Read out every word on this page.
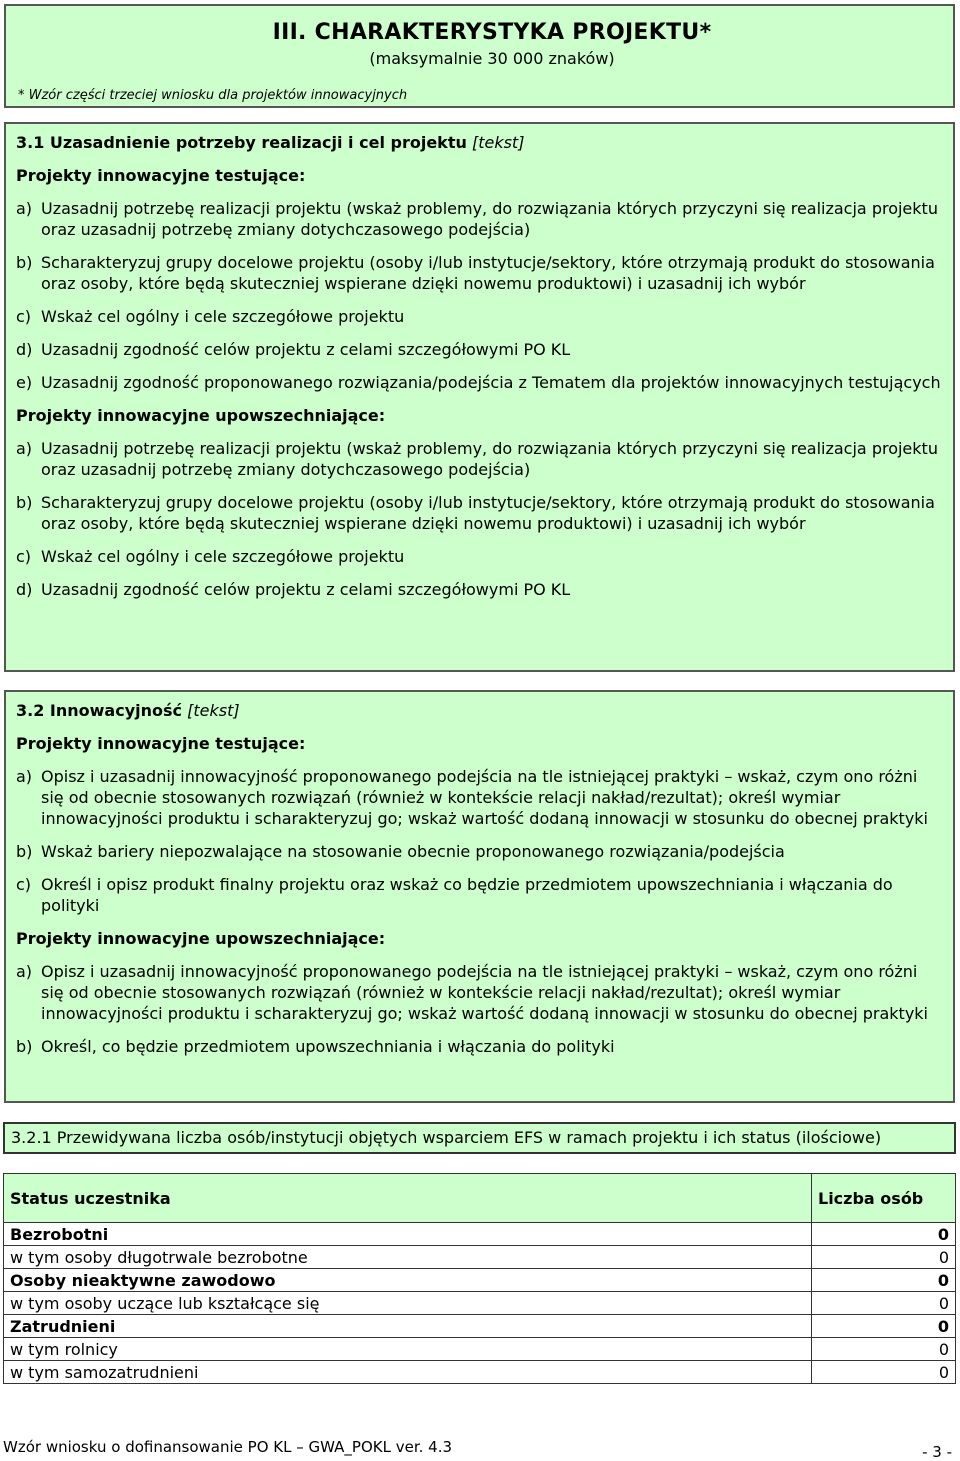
III. CHARAKTERYSTYKA PROJEKTU*
(maksymalnie 30 000 znaków)
* Wzór części trzeciej wniosku dla projektów innowacyjnych
3.1 Uzasadnienie potrzeby realizacji i cel projektu [tekst]
Projekty innowacyjne testujące:
a) Uzasadnij potrzebę realizacji projektu (wskaż problemy, do rozwiązania których przyczyni się realizacja projektu oraz uzasadnij potrzebę zmiany dotychczasowego podejścia)
b) Scharakteryzuj grupy docelowe projektu (osoby i/lub instytucje/sektory, które otrzymają produkt do stosowania oraz osoby, które będą skuteczniej wspierane dzięki nowemu produktowi) i uzasadnij ich wybór
c) Wskaż cel ogólny i cele szczegółowe projektu
d) Uzasadnij zgodność celów projektu z celami szczegółowymi PO KL
e) Uzasadnij zgodność proponowanego rozwiązania/podejścia z Tematem dla projektów innowacyjnych testujących
Projekty innowacyjne upowszechniające:
a) Uzasadnij potrzebę realizacji projektu (wskaż problemy, do rozwiązania których przyczyni się realizacja projektu oraz uzasadnij potrzebę zmiany dotychczasowego podejścia)
b) Scharakteryzuj grupy docelowe projektu (osoby i/lub instytucje/sektory, które otrzymają produkt do stosowania oraz osoby, które będą skuteczniej wspierane dzięki nowemu produktowi) i uzasadnij ich wybór
c) Wskaż cel ogólny i cele szczegółowe projektu
d) Uzasadnij zgodność celów projektu z celami szczegółowymi PO KL
3.2 Innowacyjność [tekst]
Projekty innowacyjne testujące:
a) Opisz i uzasadnij innowacyjność proponowanego podejścia na tle istniejącej praktyki – wskaż, czym ono różni się od obecnie stosowanych rozwiązań (również w kontekście relacji nakład/rezultat); określ wymiar innowacyjności produktu i scharakteryzuj go; wskaż wartość dodaną innowacji w stosunku do obecnej praktyki
b) Wskaż bariery niepozwalające na stosowanie obecnie proponowanego rozwiązania/podejścia
c) Określ i opisz produkt finalny projektu oraz wskaż co będzie przedmiotem upowszechniania i włączania do polityki
Projekty innowacyjne upowszechniające:
a) Opisz i uzasadnij innowacyjność proponowanego podejścia na tle istniejącej praktyki – wskaż, czym ono różni się od obecnie stosowanych rozwiązań (również w kontekście relacji nakład/rezultat); określ wymiar innowacyjności produktu i scharakteryzuj go; wskaż wartość dodaną innowacji w stosunku do obecnej praktyki
b) Określ, co będzie przedmiotem upowszechniania i włączania do polityki
3.2.1 Przewidywana liczba osób/instytucji objętych wsparciem EFS w ramach projektu i ich status (ilościowe)
Status uczestnika	Liczba osób
Bezrobotni	0
w tym osoby długotrwale bezrobotne	0
Osoby nieaktywne zawodowo	0
w tym osoby uczące lub kształcące się	0
Zatrudnieni	0
w tym rolnicy	0
w tym samozatrudnieni	0
Wzór wniosku o dofinansowanie PO KL – GWA_POKL ver. 4.3	- 3 -
